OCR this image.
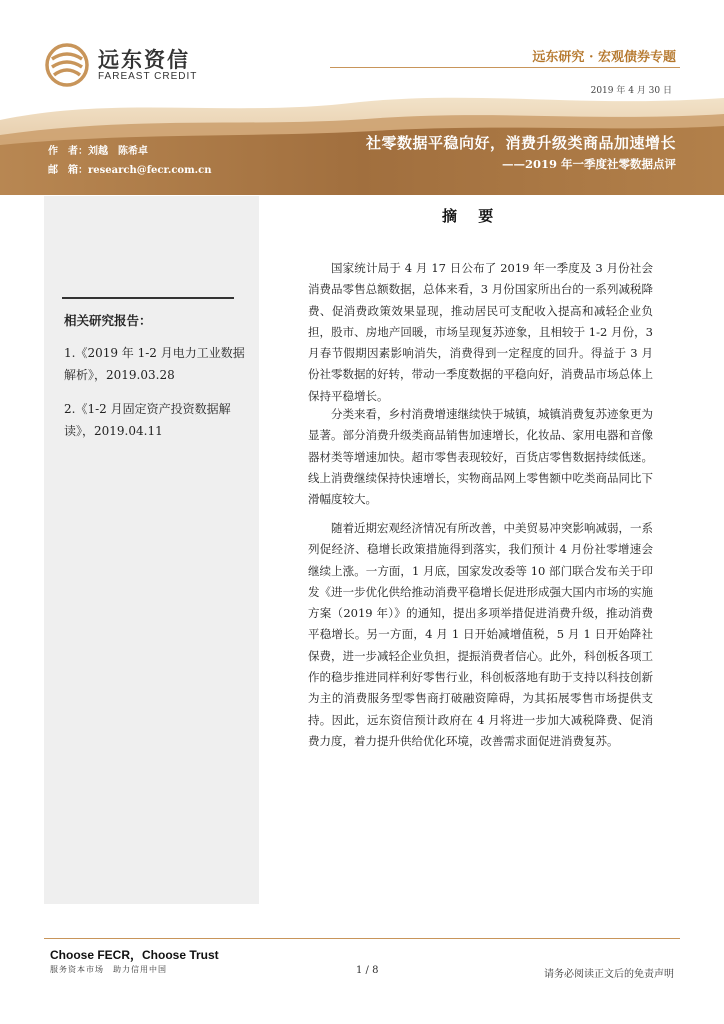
远东资信
FAREAST CREDIT
远东研究 · 宏观债券专题
2019 年 4 月 30 日
作　者：刘越　陈希卓
邮　箱：research@fecr.com.cn
社零数据平稳向好，消费升级类商品加速增长
——2019 年一季度社零数据点评
相关研究报告：
1.《2019 年 1-2 月电力工业数据解析》，2019.03.28
2.《1-2 月固定资产投资数据解读》，2019.04.11
摘 要
国家统计局于 4 月 17 日公布了 2019 年一季度及 3 月份社会消费品零售总额数据，总体来看，3 月份国家所出台的一系列减税降费、促消费政策效果显现，推动居民可支配收入提高和减轻企业负担，股市、房地产回暖，市场呈现复苏迹象，且相较于 1-2 月份，3 月春节假期因素影响消失，消费得到一定程度的回升。得益于 3 月份社零数据的好转，带动一季度数据的平稳向好，消费品市场总体上保持平稳增长。
分类来看，乡村消费增速继续快于城镇，城镇消费复苏迹象更为显著。部分消费升级类商品销售加速增长，化妆品、家用电器和音像器材类等增速加快。超市零售表现较好，百货店零售数据持续低迷。线上消费继续保持快速增长，实物商品网上零售额中吃类商品同比下滑幅度较大。
随着近期宏观经济情况有所改善，中美贸易冲突影响减弱，一系列促经济、稳增长政策措施得到落实，我们预计 4 月份社零增速会继续上涨。一方面，1 月底，国家发改委等 10 部门联合发布关于印发《进一步优化供给推动消费平稳增长促进形成强大国内市场的实施方案（2019 年）》的通知，提出多项举措促进消费升级，推动消费平稳增长。另一方面，4 月 1 日开始减增值税，5 月 1 日开始降社保费，进一步减轻企业负担，提振消费者信心。此外，科创板各项工作的稳步推进同样利好零售行业，科创板落地有助于支持以科技创新为主的消费服务型零售商打破融资障碍，为其拓展零售市场提供支持。因此，远东资信预计政府在 4 月将进一步加大减税降费、促消费力度，着力提升供给优化环境，改善需求面促进消费复苏。
Choose FECR，Choose Trust
服务资本市场　助力信用中国	1 / 8	请务必阅读正文后的免责声明
